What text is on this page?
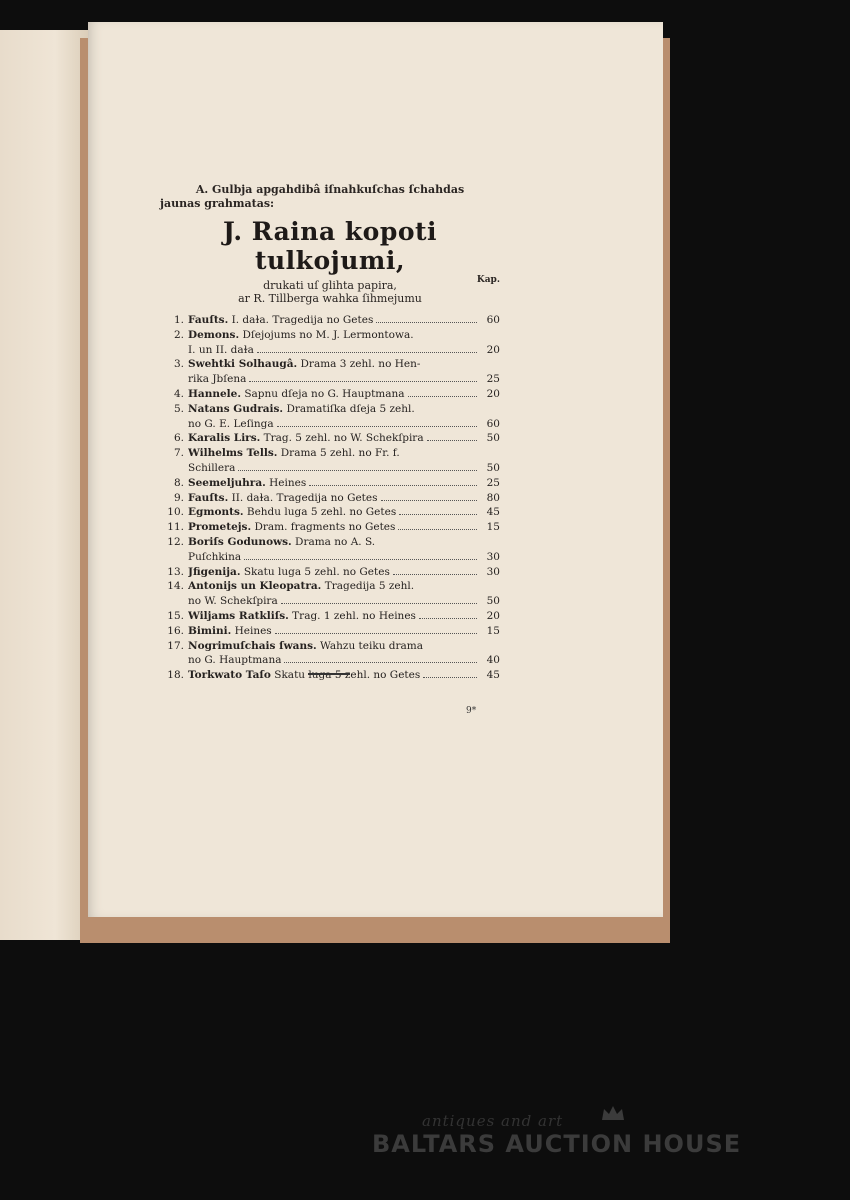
A. Gulbja apgahdibâ iſnahkuſchas ſchahdas

jaunas grahmatas:
J. Raina kopoti tulkojumi,
drukati uſ glihta papira,
ar R. Tillberga wahka ſihmejumu
Kap.
1. Fauſts. I. daɫa. Tragedija no Getes	60
2. Demons. Dſejojums no M. J. Lermontowa.
I. un II. daɫa	20
3. Swehtki Solhaugâ. Drama 3 zehl. no Hen-
rika Jbſena	25
4. Hannele. Sapnu dſeja no G. Hauptmana	20
5. Natans Gudrais. Dramatiſka dſeja 5 zehl.
no G. E. Leſinga	60
6. Karalis Lirs. Trag. 5 zehl. no W. Schekſpira	50
7. Wilhelms Tells. Drama 5 zehl. no Fr. f.
Schillera	50
8. Seemeljuhra. Heines	25
9. Fauſts. II. daɫa. Tragedija no Getes	80
10. Egmonts. Behdu luga 5 zehl. no Getes	45
11. Prometejs. Dram. fragments no Getes	15
12. Boriſs Godunows. Drama no A. S.
Puſchkina	30
13. Jfigenija. Skatu luga 5 zehl. no Getes	30
14. Antonijs un Kleopatra. Tragedija 5 zehl.
no W. Schekſpira	50
15. Wiljams Ratkliſs. Trag. 1 zehl. no Heines	20
16. Bimini. Heines	15
17. Nogrimuſchais ſwans. Wahzu teiku drama
no G. Hauptmana	40
18. Torkwato Taſo Skatu luga 5 zehl. no Getes	45
9*
antiques and art
BALTARS AUCTION HOUSE
